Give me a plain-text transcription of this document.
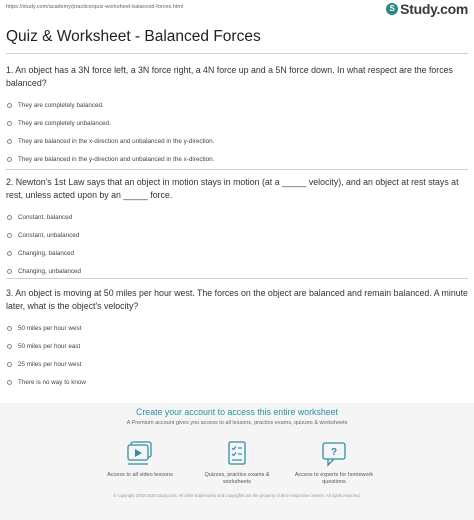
https://study.com/academy/practice/quiz-worksheet-balanced-forces.html	S Study.com
Quiz & Worksheet - Balanced Forces

1. An object has a 3N force left, a 3N force right, a 4N force up and a 5N force down. In what respect are the forces balanced?

They are completely balanced.
They are completely unbalanced.
They are balanced in the x-direction and unbalanced in the y-direction.
They are balanced in the y-direction and unbalanced in the x-direction.

2. Newton's 1st Law says that an object in motion stays in motion (at a _____ velocity), and an object at rest stays at rest, unless acted upon by an _____ force.

Constant, balanced
Constant, unbalanced
Changing, balanced
Changing, unbalanced

3. An object is moving at 50 miles per hour west. The forces on the object are balanced and remain balanced. A minute later, what is the object's velocity?

50 miles per hour west
50 miles per hour east
25 miles per hour west
There is no way to know
Create your account to access this entire worksheet
A Premium account gives you access to all lessons, practice exams, quizzes & worksheets
Access to all video lessons	Quizzes, practice exams & worksheets
?
Access to experts for homework questions
© copyright 2003-2020 Study.com. All other trademarks and copyrights are the property of their respective owners. All rights reserved.
